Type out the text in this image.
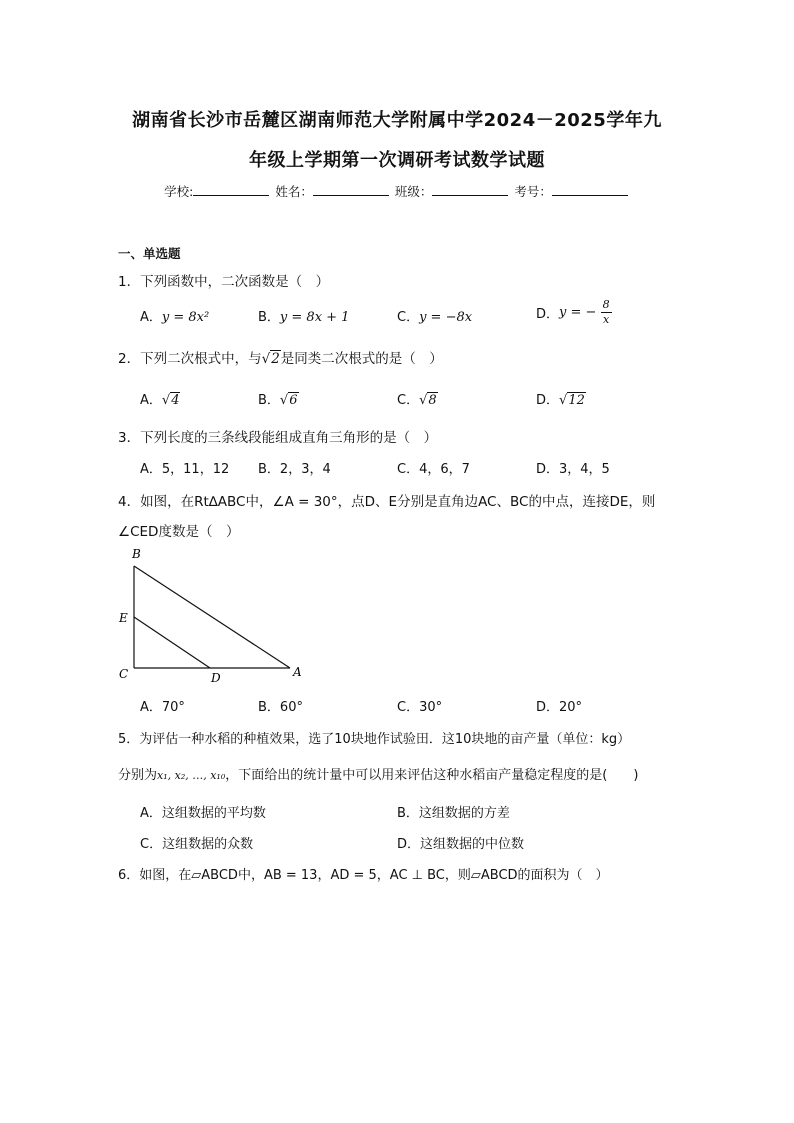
湖南省长沙市岳麓区湖南师范大学附属中学2024－2025学年九
年级上学期第一次调研考试数学试题
学校:	姓名：	班级：	考号：
一、单选题
1．下列函数中，二次函数是（　）
A．y = 8x²	B．y = 8x + 1	C．y = −8x	D．y = − $\frac{8}{x}$
2．下列二次根式中，与√2是同类二次根式的是（　）
A．√4	B．√6	C．√8	D．√12
3．下列长度的三条线段能组成直角三角形的是（　）
A．5，11，12 B．2，3，4	C．4，6，7	D．3，4，5
4．如图，在Rt∆ABC中，∠A = 30°，点D、E分别是直角边AC、BC的中点，连接DE，则
∠CED度数是（　）
B
E
C	D	A
A．70°	B．60°	C．30°	D．20°
5．为评估一种水稻的种植效果，选了10块地作试验田．这10块地的亩产量（单位：kg）
分别为x₁, x₂, …, x₁₀，下面给出的统计量中可以用来评估这种水稻亩产量稳定程度的是(　　)
A．这组数据的平均数	B．这组数据的方差
C．这组数据的众数	D．这组数据的中位数
6．如图，在▱ABCD中，AB = 13，AD = 5，AC ⊥ BC，则▱ABCD的面积为（　）
